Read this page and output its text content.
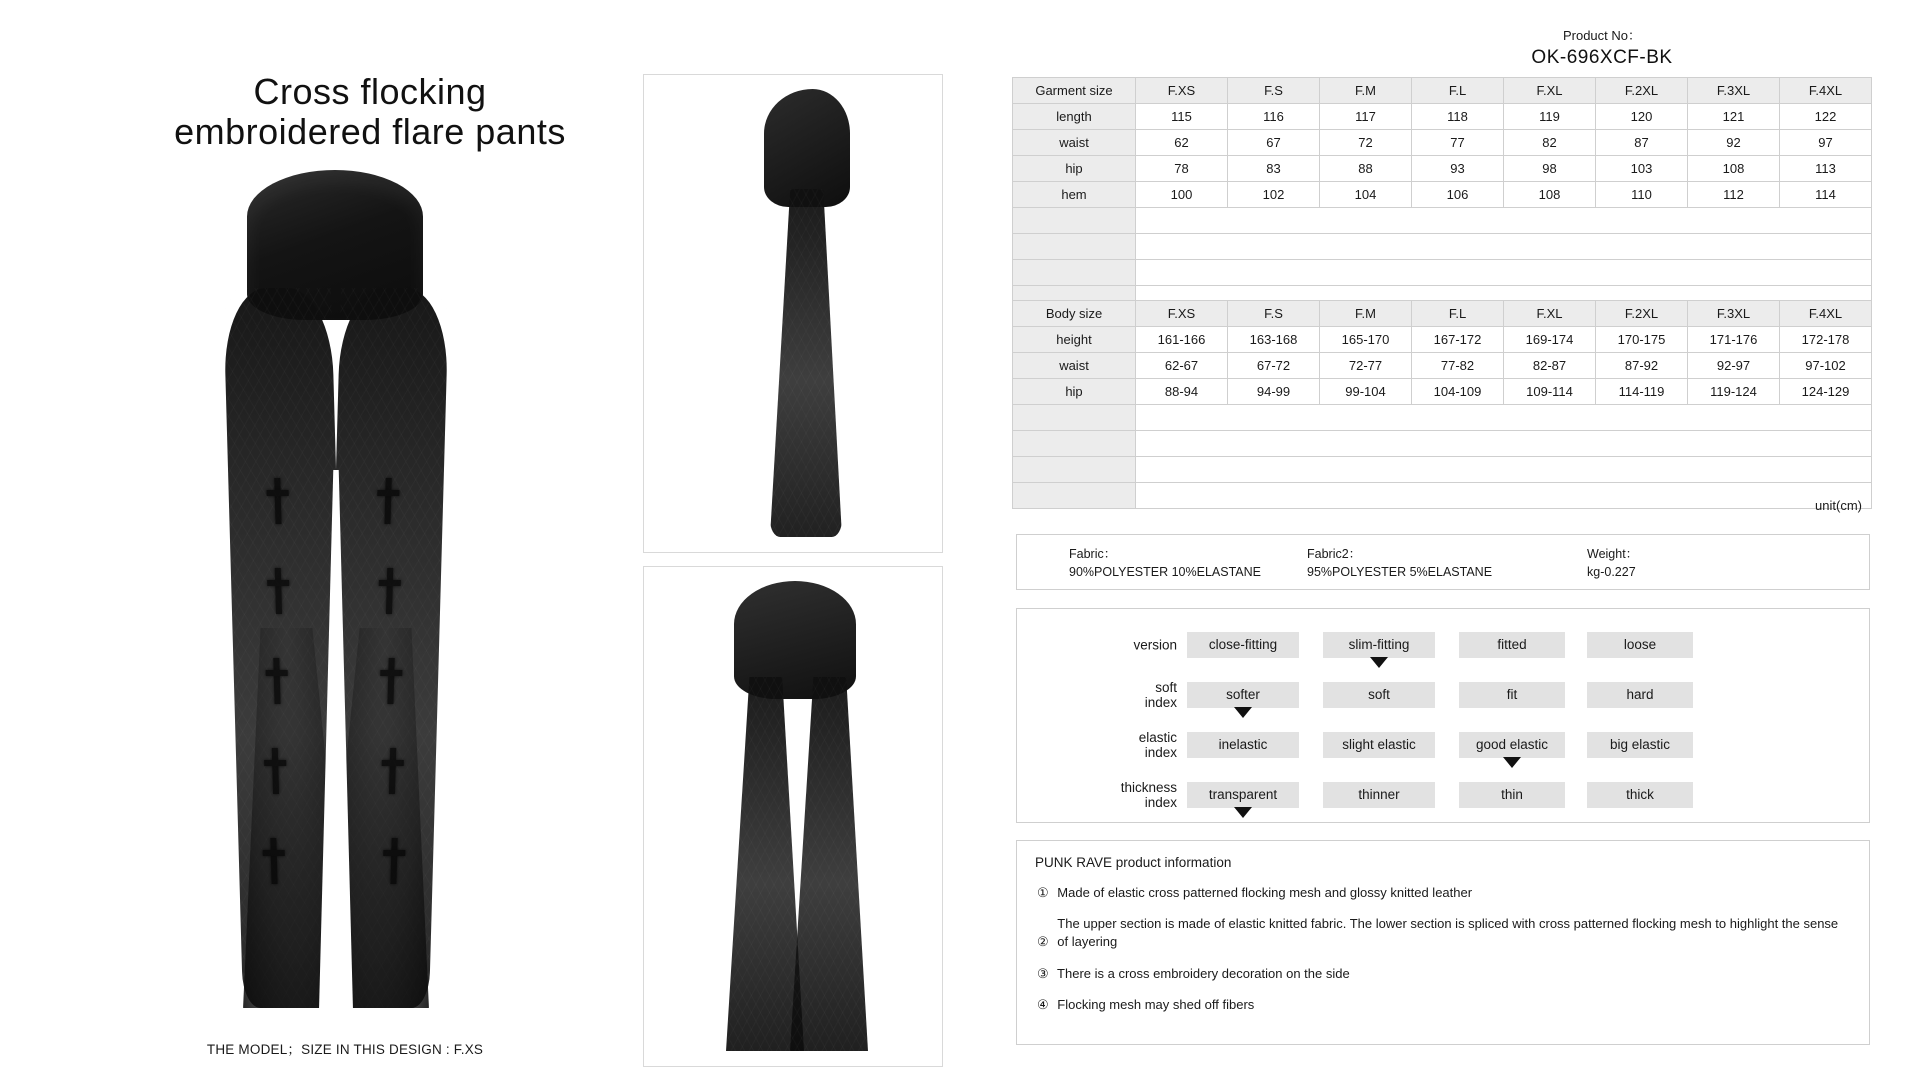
Cross flocking
embroidered flare pants
THE MODEL；SIZE IN THIS DESIGN : F.XS
Product No：
OK-696XCF-BK
Garment size	F.XS	F.S	F.M	F.L	F.XL	F.2XL	F.3XL	F.4XL
length	115	116	117	118	119	120	121	122
waist	62	67	72	77	82	87	92	97
hip	78	83	88	93	98	103	108	113
hem	100	102	104	106	108	110	112	114

Body size	F.XS	F.S	F.M	F.L	F.XL	F.2XL	F.3XL	F.4XL
height	161-166	163-168	165-170	167-172	169-174	170-175	171-176	172-178
waist	62-67	67-72	72-77	77-82	82-87	87-92	92-97	97-102
hip	88-94	94-99	99-104	104-109	109-114	114-119	119-124	124-129

unit(cm)
Fabric：
90%POLYESTER 10%ELASTANE
Fabric2：
95%POLYESTER 5%ELASTANE
Weight：
kg-0.227
version	close-fitting	slim-fitting	fitted	loose
soft
index
softer	soft	fit	hard
elastic
index
inelastic	slight elastic	good elastic	big elastic
thickness
index
transparent	thinner	thin	thick
PUNK RAVE product information
① Made of elastic cross patterned flocking mesh and glossy knitted leather
② The upper section is made of elastic knitted fabric. The lower section is spliced with cross patterned flocking mesh to highlight the sense of layering
③ There is a cross embroidery decoration on the side
④ Flocking mesh may shed off fibers
